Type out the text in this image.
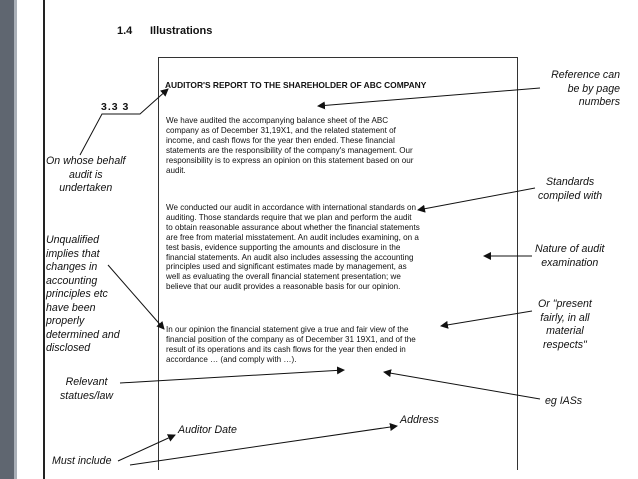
1.4 Illustrations
3.3 3
AUDITOR'S REPORT TO THE SHAREHOLDER OF ABC COMPANY
We have audited the accompanying balance sheet of the ABC
company as of December 31,19X1, and the related statement of
income, and cash flows for the year then ended. These financial
statements are the responsibility of the company's management. Our
responsibility is to express an opinion on this statement based on our
audit.
We conducted our audit in accordance with international standards on
auditing. Those standards require that we plan and perform the audit
to obtain reasonable assurance about whether the financial statements
are free from material misstatement. An audit includes examining, on a
test basis, evidence supporting the amounts and disclosure in the
financial statements. An audit also includes assessing the accounting
principles used and significant estimates made by management, as
well as evaluating the overall financial statement presentation; we
believe that our audit provides a reasonable basis for our opinion.
In our opinion the financial statement give a true and fair view of the
financial position of the company as of December 31 19X1, and of the
result of its operations and its cash flows for the year then ended in
accordance … (and comply with …).
Reference can
be by page
numbers
On whose behalf
audit is
undertaken	Standards
compiled with
Unqualified
implies that
changes in
accounting
principles etc
have been
properly
determined and
disclosed
Nature of audit
examination
Or "present
fairly, in all
material
respects"
Relevant
statues/law	eg IASs
Auditor Date
Address
Must include
